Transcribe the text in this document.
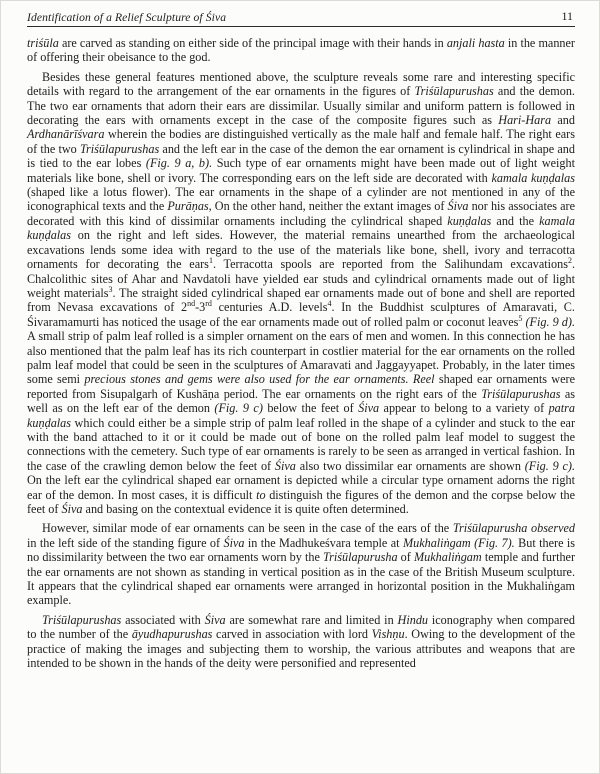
Identification of a Relief Sculpture of Śiva	11

triśūla are carved as standing on either side of the principal image with their hands in anjali hasta in the manner of offering their obeisance to the god.

Besides these general features mentioned above, the sculpture reveals some rare and interesting specific details with regard to the arrangement of the ear ornaments in the figures of Triśūlapurushas and the demon. The two ear ornaments that adorn their ears are dissimilar. Usually similar and uniform pattern is followed in decorating the ears with ornaments except in the case of the composite figures such as Hari-Hara and Ardhanārīśvara wherein the bodies are distinguished vertically as the male half and female half. The right ears of the two Triśūlapurushas and the left ear in the case of the demon the ear ornament is cylindrical in shape and is tied to the ear lobes (Fig. 9 a, b). Such type of ear ornaments might have been made out of light weight materials like bone, shell or ivory. The corresponding ears on the left side are decorated with kamala kuṇḍalas (shaped like a lotus flower). The ear ornaments in the shape of a cylinder are not mentioned in any of the iconographical texts and the Purāṇas, On the other hand, neither the extant images of Śiva nor his associates are decorated with this kind of dissimilar ornaments including the cylindrical shaped kuṇḍalas and the kamala kuṇḍalas on the right and left sides. However, the material remains unearthed from the archaeological excavations lends some idea with regard to the use of the materials like bone, shell, ivory and terracotta ornaments for decorating the ears$^1$. Terracotta spools are reported from the Salihundam excavations$^2$. Chalcolithic sites of Ahar and Navdatoli have yielded ear studs and cylindrical ornaments made out of light weight materials$^3$. The straight sided cylindrical shaped ear ornaments made out of bone and shell are reported from Nevasa excavations of 2nd-3rd centuries A.D. levels$^4$. In the Buddhist sculptures of Amaravati, C. Śivaramamurti has noticed the usage of the ear ornaments made out of rolled palm or coconut leaves$^5$ (Fig. 9 d). A small strip of palm leaf rolled is a simpler ornament on the ears of men and women. In this connection he has also mentioned that the palm leaf has its rich counterpart in costlier material for the ear ornaments on the rolled palm leaf model that could be seen in the sculptures of Amaravati and Jaggayyapet. Probably, in the later times some semi precious stones and gems were also used for the ear ornaments. Reel shaped ear ornaments were reported from Sisupalgarh of Kushāṇa period. The ear ornaments on the right ears of the Triśūlapurushas as well as on the left ear of the demon (Fig. 9 c) below the feet of Śiva appear to belong to a variety of patra kuṇḍalas which could either be a simple strip of palm leaf rolled in the shape of a cylinder and stuck to the ear with the band attached to it or it could be made out of bone on the rolled palm leaf model to suggest the connections with the cemetery. Such type of ear ornaments is rarely to be seen as arranged in vertical fashion. In the case of the crawling demon below the feet of Śiva also two dissimilar ear ornaments are shown (Fig. 9 c). On the left ear the cylindrical shaped ear ornament is depicted while a circular type ornament adorns the right ear of the demon. In most cases, it is difficult to distinguish the figures of the demon and the corpse below the feet of Śiva and basing on the contextual evidence it is quite often determined.

However, similar mode of ear ornaments can be seen in the case of the ears of the Triśūlapurusha observed in the left side of the standing figure of Śiva in the Madhukeśvara temple at Mukhaliṅgam (Fig. 7). But there is no dissimilarity between the two ear ornaments worn by the Triśūlapurusha of Mukhaliṅgam temple and further the ear ornaments are not shown as standing in vertical position as in the case of the British Museum sculpture. It appears that the cylindrical shaped ear ornaments were arranged in horizontal position in the Mukhaliṅgam example.

Triśūlapurushas associated with Śiva are somewhat rare and limited in Hindu iconography when compared to the number of the āyudhapurushas carved in association with lord Vishṇu. Owing to the development of the practice of making the images and subjecting them to worship, the various attributes and weapons that are intended to be shown in the hands of the deity were personified and represented
